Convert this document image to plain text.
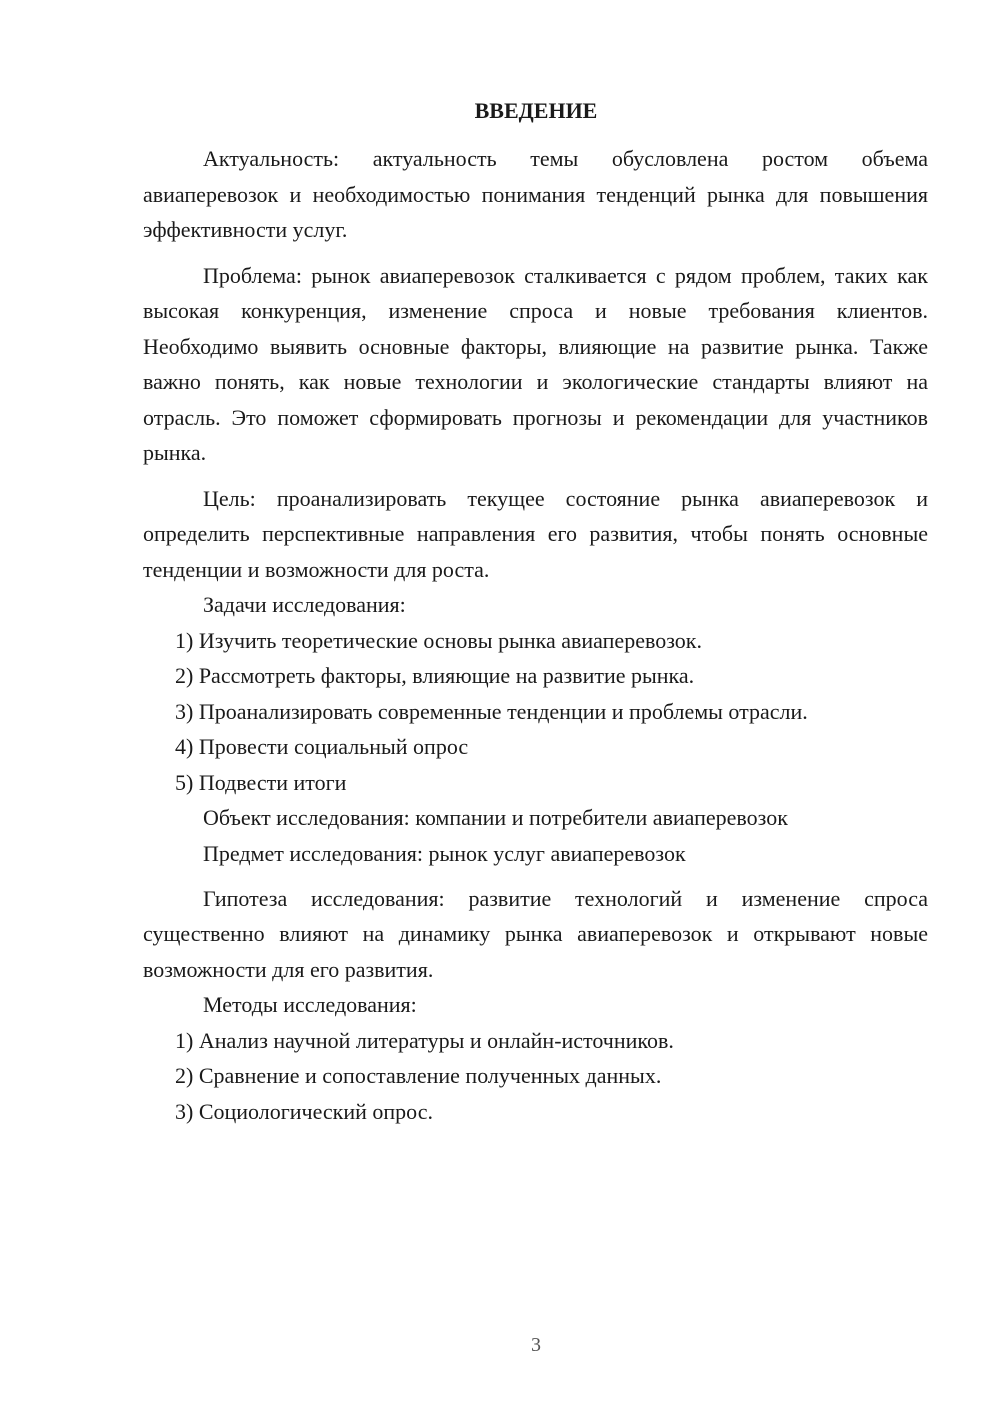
ВВЕДЕНИЕ

Актуальность: актуальность темы обусловлена ростом объема авиаперевозок и необходимостью понимания тенденций рынка для повышения эффективности услуг.

Проблема: рынок авиаперевозок сталкивается с рядом проблем, таких как высокая конкуренция, изменение спроса и новые требования клиентов. Необходимо выявить основные факторы, влияющие на развитие рынка. Также важно понять, как новые технологии и экологические стандарты влияют на отрасль. Это поможет сформировать прогнозы и рекомендации для участников рынка.

Цель: проанализировать текущее состояние рынка авиаперевозок и определить перспективные направления его развития, чтобы понять основные тенденции и возможности для роста.

Задачи исследования:

1) Изучить теоретические основы рынка авиаперевозок.

2) Рассмотреть факторы, влияющие на развитие рынка.

3) Проанализировать современные тенденции и проблемы отрасли.

4) Провести социальный опрос

5) Подвести итоги

Объект исследования: компании и потребители авиаперевозок

Предмет исследования: рынок услуг авиаперевозок

Гипотеза исследования: развитие технологий и изменение спроса существенно влияют на динамику рынка авиаперевозок и открывают новые возможности для его развития.

Методы исследования:

1) Анализ научной литературы и онлайн-источников.

2) Сравнение и сопоставление полученных данных.

3) Социологический опрос.

3
